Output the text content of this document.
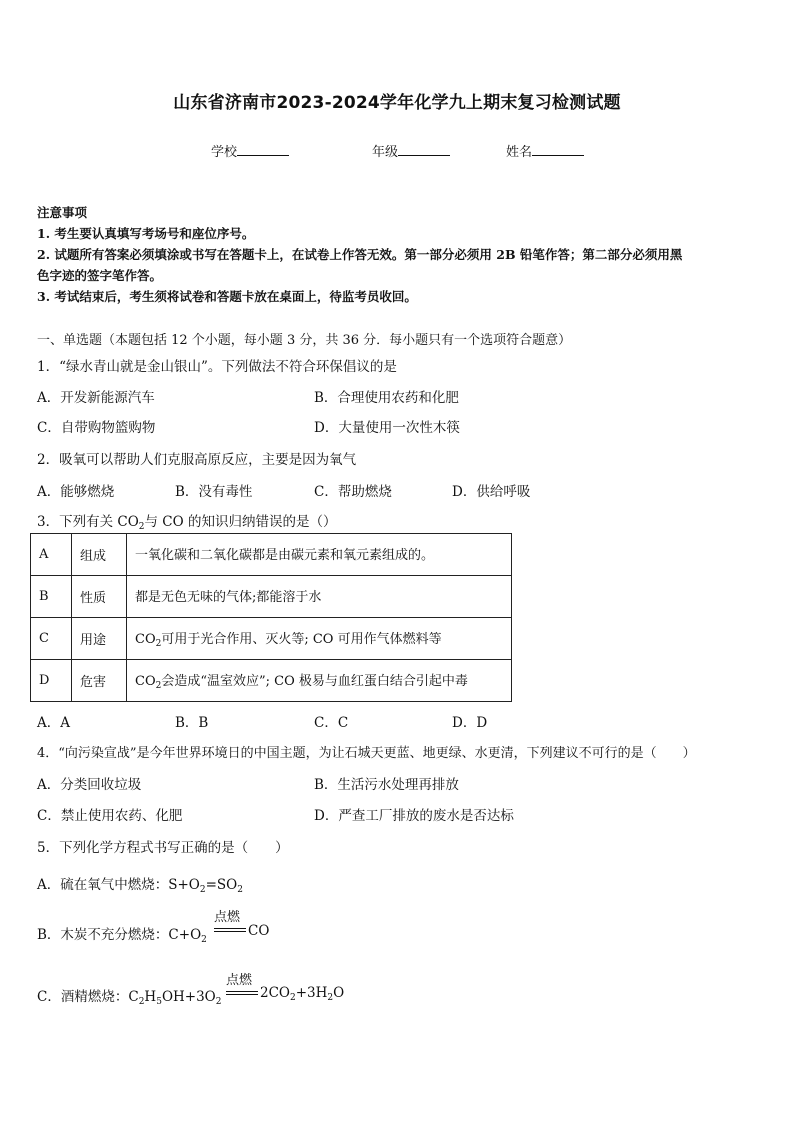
山东省济南市2023-2024学年化学九上期末复习检测试题
学校	年级	姓名
注意事项
1. 考生要认真填写考场号和座位序号。
2. 试题所有答案必须填涂或书写在答题卡上，在试卷上作答无效。第一部分必须用 2B 铅笔作答；第二部分必须用黑
色字迹的签字笔作答。
3. 考试结束后，考生须将试卷和答题卡放在桌面上，待监考员收回。
一、单选题（本题包括 12 个小题，每小题 3 分，共 36 分．每小题只有一个选项符合题意）
1．“绿水青山就是金山银山”。下列做法不符合环保倡议的是
A．开发新能源汽车	B．合理使用农药和化肥
C．自带购物篮购物	D．大量使用一次性木筷
2．吸氧可以帮助人们克服高原反应，主要是因为氧气
A．能够燃烧	B．没有毒性	C．帮助燃烧	D．供给呼吸
3．下列有关 $CO_2$与 CO 的知识归纳错误的是（）
A	组成	一氧化碳和二氧化碳都是由碳元素和氧元素组成的。
B	性质	都是无色无味的气体;都能溶于水
C	用途	$CO_2$可用于光合作用、灭火等; CO 可用作气体燃料等
D	危害	$CO_2$会造成“温室效应”; CO 极易与血红蛋白结合引起中毒
A．A	B．B	C．C	D．D
4．“向污染宣战”是今年世界环境日的中国主题，为让石城天更蓝、地更绿、水更清，下列建议不可行的是（　　）
A．分类回收垃圾	B．生活污水处理再排放
C．禁止使用农药、化肥	D．严查工厂排放的废水是否达标
5．下列化学方程式书写正确的是（　　）
A．硫在氧气中燃烧：$S+O_2=SO_2$
B．木炭不充分燃烧：$C+O_2$
点燃
CO
C．酒精燃烧：$C_2H_5OH+3O_2$
点燃
$2CO_2+3H_2O$
